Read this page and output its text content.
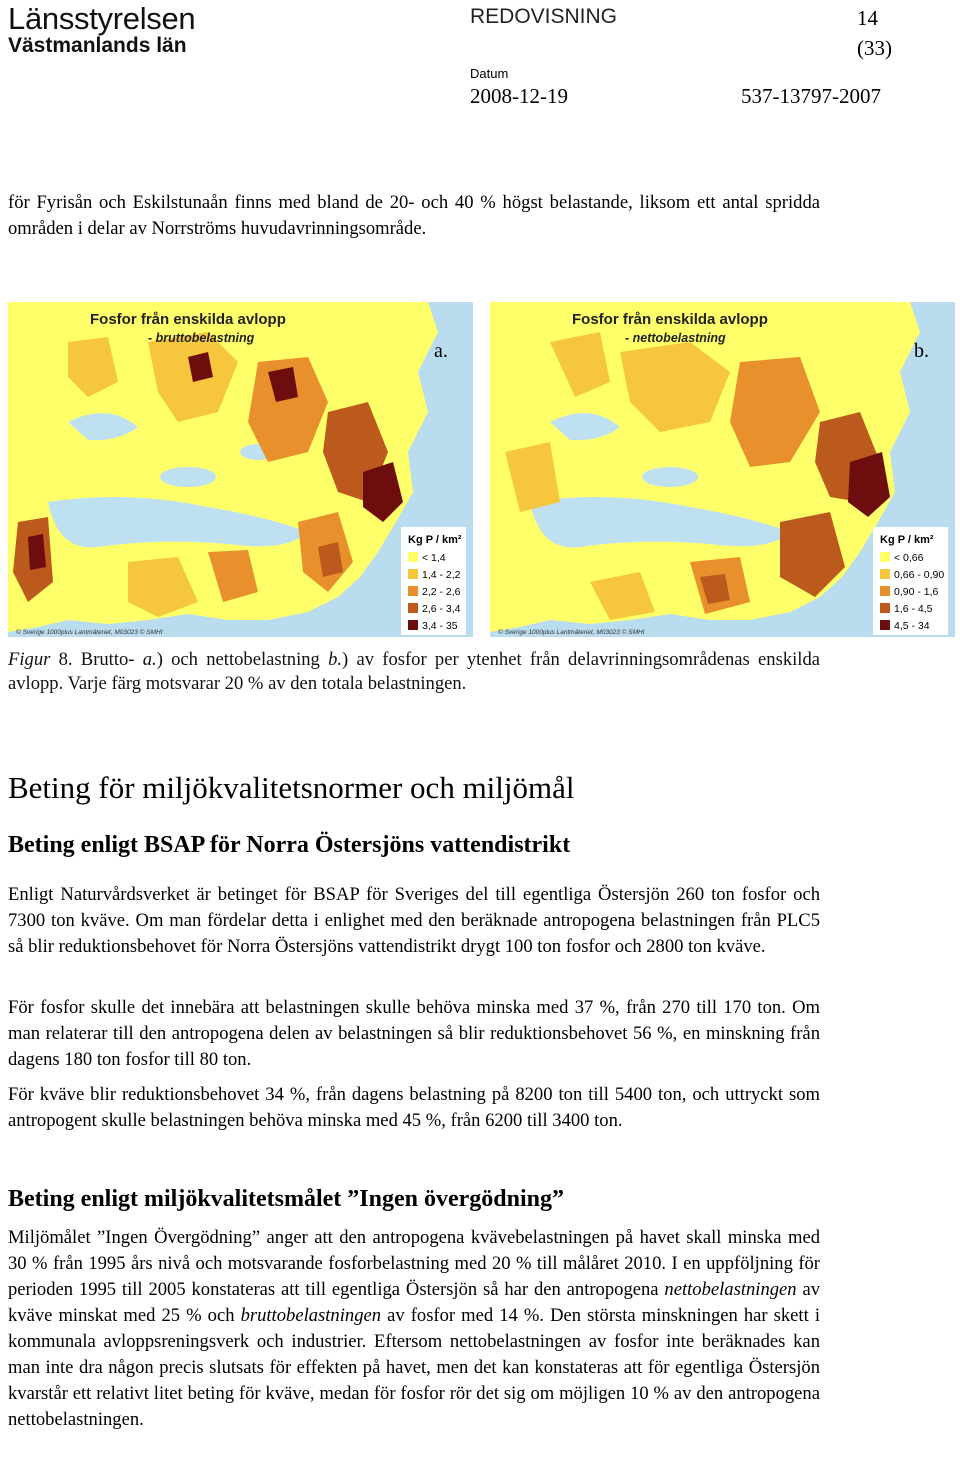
Länsstyrelsen
Västmanlands län
REDOVISNING	14
(33)
Datum
2008-12-19	537-13797-2007

för Fyrisån och Eskilstunaån finns med bland de 20- och 40 % högst belastande, liksom ett antal spridda områden i delar av Norrströms huvudavrinningsområde.

Kg P / km²
< 1,4
1,4 - 2,2
2,2 - 2,6
2,6 - 3,4
3,4 - 35
Fosfor från enskilda avlopp
- bruttobelastning
a.
© Sverige 1000plus Lantmäteriet, M03023 © SMHI
Kg P / km²
< 0,66
0,66 - 0,90
0,90 - 1,6
1,6 - 4,5
4,5 - 34
Fosfor från enskilda avlopp
- nettobelastning
b.
© Sverige 1000plus Lantmäteriet, M03023 © SMHI
Figur 8. Brutto- a.) och nettobelastning b.) av fosfor per ytenhet från delavrinningsområdenas enskilda avlopp. Varje färg motsvarar 20 % av den totala belastningen.
Beting för miljökvalitetsnormer och miljömål
Beting enligt BSAP för Norra Östersjöns vattendistrikt

Enligt Naturvårdsverket är betinget för BSAP för Sveriges del till egentliga Östersjön 260 ton fosfor och 7300 ton kväve. Om man fördelar detta i enlighet med den beräknade antropogena belastningen från PLC5 så blir reduktionsbehovet för Norra Östersjöns vattendistrikt drygt 100 ton fosfor och 2800 ton kväve.

För fosfor skulle det innebära att belastningen skulle behöva minska med 37 %, från 270 till 170 ton. Om man relaterar till den antropogena delen av belastningen så blir reduktionsbehovet 56 %, en minskning från dagens 180 ton fosfor till 80 ton.

För kväve blir reduktionsbehovet 34 %, från dagens belastning på 8200 ton till 5400 ton, och uttryckt som antropogent skulle belastningen behöva minska med 45 %, från 6200 till 3400 ton.

Beting enligt miljökvalitetsmålet ”Ingen övergödning”

Miljömålet ”Ingen Övergödning” anger att den antropogena kvävebelastningen på havet skall minska med 30 % från 1995 års nivå och motsvarande fosforbelastning med 20 % till målåret 2010. I en uppföljning för perioden 1995 till 2005 konstateras att till egentliga Östersjön så har den antropogena nettobelastningen av kväve minskat med 25 % och bruttobelastningen av fosfor med 14 %. Den största minskningen har skett i kommunala avloppsreningsverk och industrier. Eftersom nettobelastningen av fosfor inte beräknades kan man inte dra någon precis slutsats för effekten på havet, men det kan konstateras att för egentliga Östersjön kvarstår ett relativt litet beting för kväve, medan för fosfor rör det sig om möjligen 10 % av den antropogena nettobelastningen.
